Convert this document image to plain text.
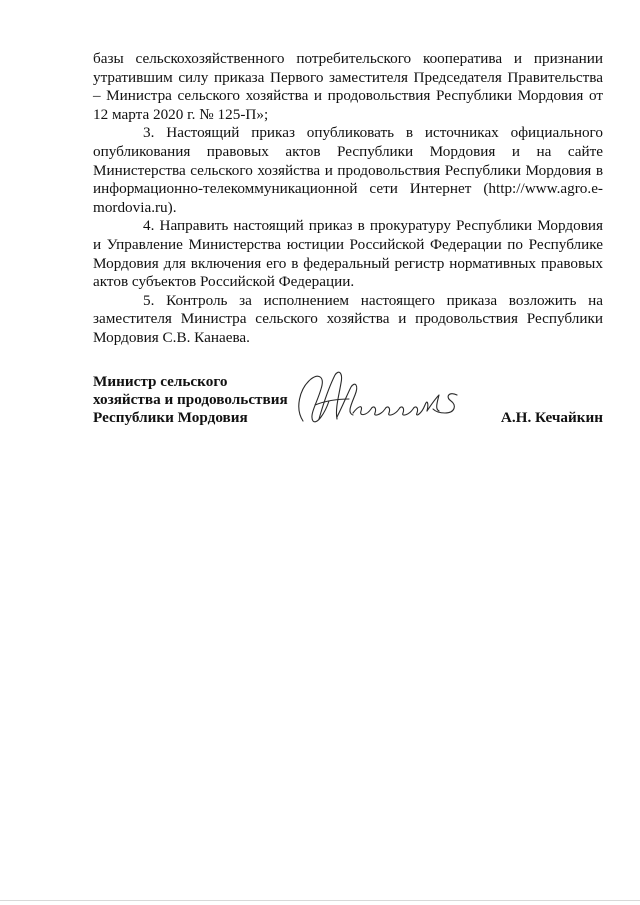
базы сельскохозяйственного потребительского кооператива и признании утратившим силу приказа Первого заместителя Председателя Правительства – Министра сельского хозяйства и продовольствия Республики Мордовия от 12 марта 2020 г. № 125-П»;

3. Настоящий приказ опубликовать в источниках официального опубликования правовых актов Республики Мордовия и на сайте Министерства сельского хозяйства и продовольствия Республики Мордовия в информационно-телекоммуникационной сети Интернет (http://www.agro.e-mordovia.ru).

4. Направить настоящий приказ в прокуратуру Республики Мордовия и Управление Министерства юстиции Российской Федерации по Республике Мордовия для включения его в федеральный регистр нормативных правовых актов субъектов Российской Федерации.

5. Контроль за исполнением настоящего приказа возложить на заместителя Министра сельского хозяйства и продовольствия Республики Мордовия С.В. Канаева.

Министр сельского
хозяйства и продовольствия
Республики Мордовия	А.Н. Кечайкин
